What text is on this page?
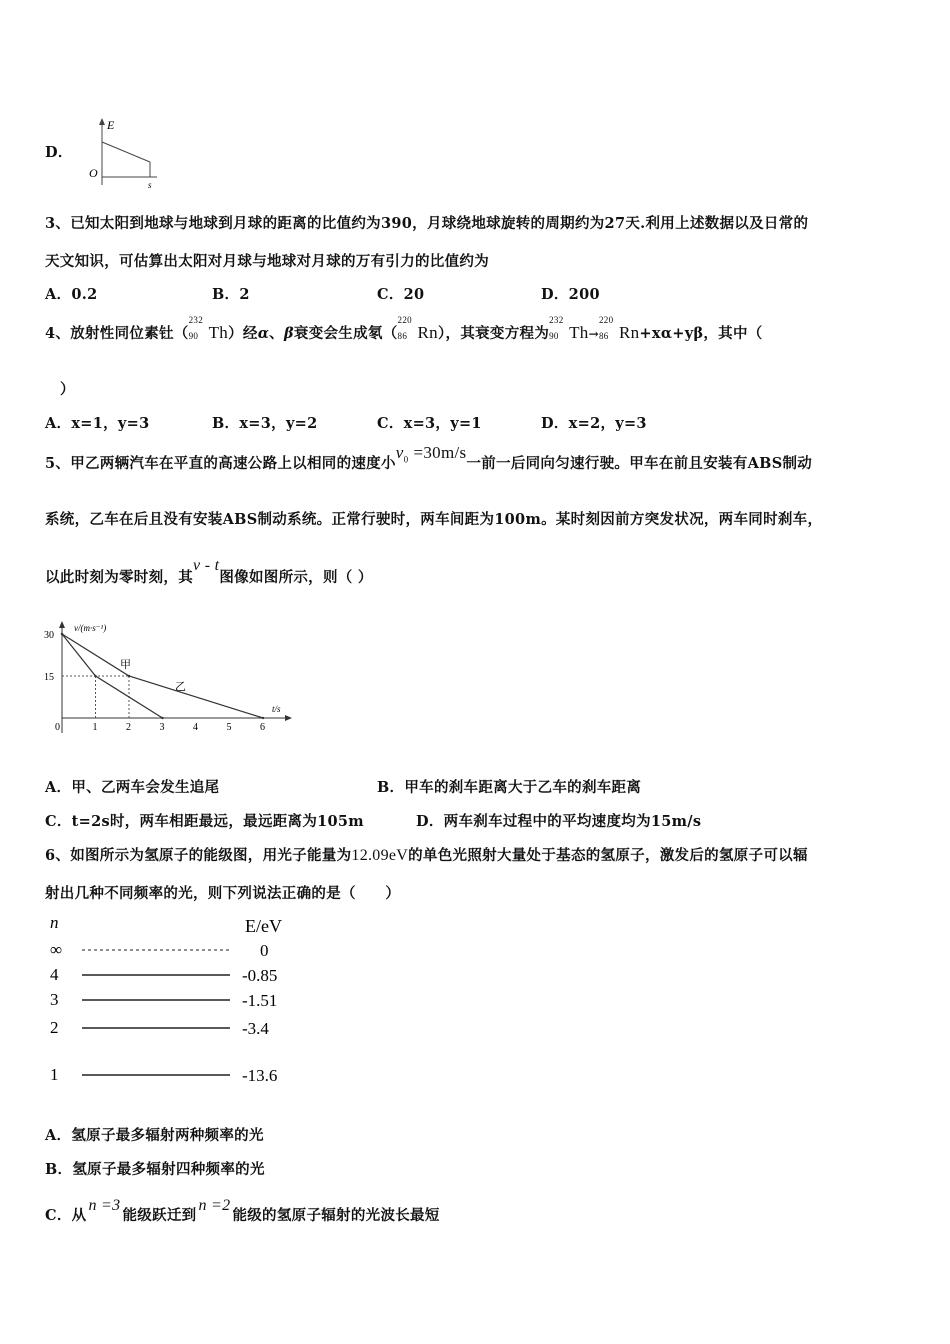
D．
E
O
s
3、已知太阳到地球与地球到月球的距离的比值约为390，月球绕地球旋转的周期约为27天.利用上述数据以及日常的
天文知识，可估算出太阳对月球与地球对月球的万有引力的比值约为
A．0.2	B．2	C．20	D．200
4、放射性同位素钍（
232
90 Th）经α、β衰变会生成氡（
220
86 Rn），其衰变方程为
232
90 Th→
220
86 Rn+xα+yβ，其中（
）
A．x=1，y=3	B．x=3，y=2	C．x=3，y=1	D．x=2，y=3
5、甲乙两辆汽车在平直的高速公路上以相同的速度小$v_0 =30m/s$一前一后同向匀速行驶。甲车在前且安装有ABS制动
系统，乙车在后且没有安装ABS制动系统。正常行驶时，两车间距为100m。某时刻因前方突发状况，两车同时刹车，
以此时刻为零时刻，其v - t图像如图所示，则（ ）
v/(m·s⁻¹)
t/s
0	1	2	3	4	5	6
15
30
甲
乙
A．甲、乙两车会发生追尾	B．甲车的刹车距离大于乙车的刹车距离
C．t=2s时，两车相距最远，最远距离为105m	D．两车刹车过程中的平均速度均为15m/s
6、如图所示为氢原子的能级图，用光子能量为12.09eV的单色光照射大量处于基态的氢原子，激发后的氢原子可以辐
射出几种不同频率的光，则下列说法正确的是（　　）
n	E/eV
∞	0
4	-0.85
3	-1.51
2	-3.4
1	-13.6
A．氢原子最多辐射两种频率的光
B．氢原子最多辐射四种频率的光
C．从n =3能级跃迁到n =2能级的氢原子辐射的光波长最短
